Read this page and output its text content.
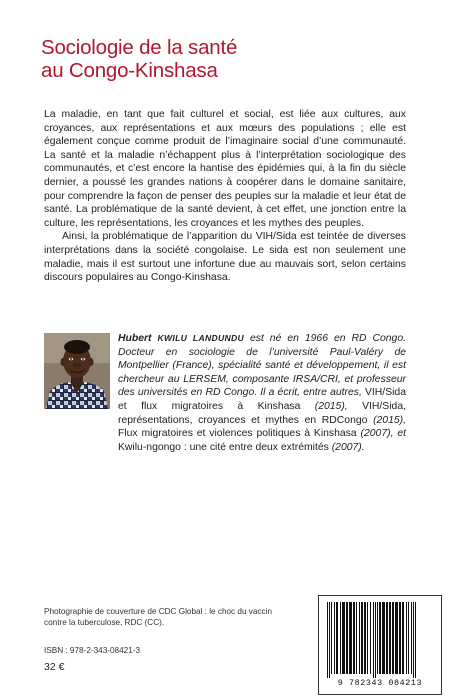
Sociologie de la santé
au Congo-Kinshasa

La maladie, en tant que fait culturel et social, est liée aux cultures, aux croyances, aux représentations et aux mœurs des populations ; elle est également conçue comme produit de l’imaginaire social d’une communauté. La santé et la maladie n’échappent plus à l’interprétation sociologique des communautés, et c’est encore la hantise des épidémies qui, à la fin du siècle dernier, a poussé les grandes nations à coopérer dans le domaine sanitaire, pour comprendre la façon de penser des peuples sur la maladie et leur état de santé. La problématique de la santé devient, à cet effet, une jonction entre la culture, les représentations, les croyances et les mythes des peuples.

Ainsi, la problématique de l’apparition du VIH/Sida est teintée de diverses interprétations dans la société congolaise. Le sida est non seulement une maladie, mais il est surtout une infortune due au mauvais sort, selon certains discours populaires au Congo-Kinshasa.

Hubert KWILU LANDUNDU est né en 1966 en RD Congo. Docteur en sociologie de l’université Paul-Valéry de Montpellier (France), spécialité santé et développement, il est chercheur au LERSEM, composante IRSA/CRI, et professeur des universités en RD Congo. Il a écrit, entre autres, VIH/Sida et flux migratoires à Kinshasa (2015), VIH/Sida, représentations, croyances et mythes en RDCongo (2015), Flux migratoires et violences politiques à Kinshasa (2007), et Kwilu-ngongo : une cité entre deux extrémités (2007).
Photographie de couverture de CDC Global : le choc du vaccin contre la tuberculose, RDC (CC).
ISBN : 978-2-343-08421-3
32 €
9 782343 084213
